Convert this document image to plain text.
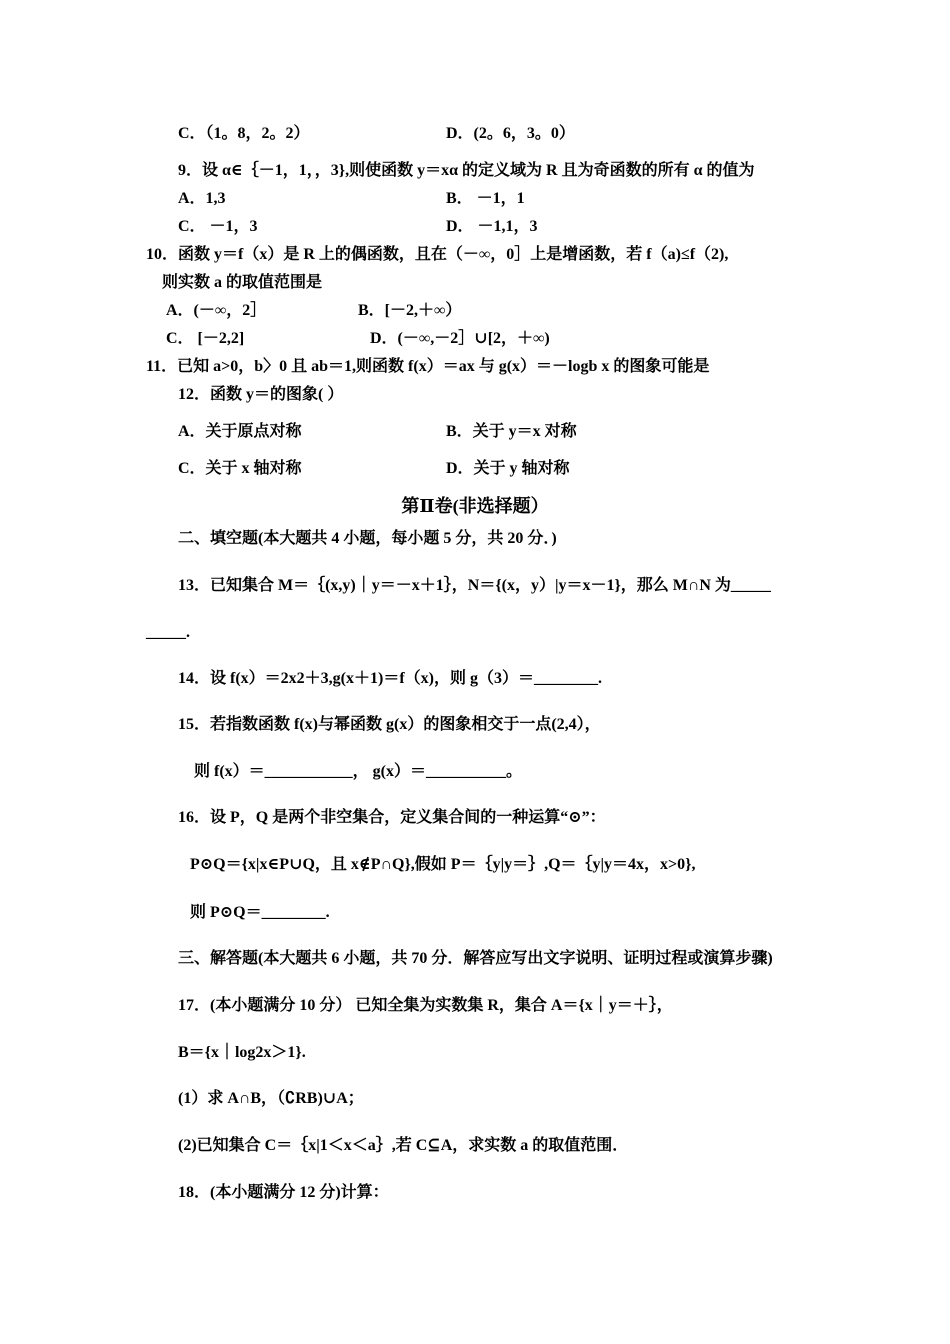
C．（1。8，2。2）	D．(2。6，3。0）
9．设 α∈｛－1，1，，3},则使函数 y＝xα 的定义域为 R 且为奇函数的所有 α 的值为
A．1,3	B． －1，1
C． －1，3	D． －1,1，3
10．函数 y＝f（x）是 R 上的偶函数，且在（－∞，0］上是增函数，若 f（a)≤f（2),
则实数 a 的取值范围是
A．(－∞，2］	B．[－2,＋∞）
C． [－2,2]	D．(－∞,－2］∪[2，＋∞)
11．已知 a>0，b〉0 且 ab＝1,则函数 f(x）＝ax 与 g(x）＝－logb x 的图象可能是
12．函数 y＝的图象( ）
A．关于原点对称	B．关于 y＝x 对称
C．关于 x 轴对称	D．关于 y 轴对称
第Ⅱ卷(非选择题）
二、填空题(本大题共 4 小题，每小题 5 分，共 20 分．)
13．已知集合 M＝｛(x,y)｜y＝－x＋1｝，N＝{(x，y）|y＝x－1}，那么 M∩N 为_____
_____.
14．设 f(x）＝2x2＋3,g(x＋1)＝f（x)，则 g（3）＝________.
15．若指数函数 f(x)与幂函数 g(x）的图象相交于一点(2,4），
则 f(x）＝___________， g(x）＝__________。
16．设 P，Q 是两个非空集合，定义集合间的一种运算“⊙”：
P⊙Q＝{x|x∈P∪Q，且 x∉P∩Q},假如 P＝｛y|y＝｝,Q＝｛y|y＝4x，x>0},
则 P⊙Q＝________.
三、解答题(本大题共 6 小题，共 70 分．解答应写出文字说明、证明过程或演算步骤)
17．(本小题满分 10 分） 已知全集为实数集 R，集合 A＝{x｜y＝＋｝，
B＝{x｜log2x＞1}.
(1）求 A∩B，（∁RB)∪A；
(2)已知集合 C＝｛x|1＜x＜a｝,若 C⊆A，求实数 a 的取值范围．
18．(本小题满分 12 分)计算：
